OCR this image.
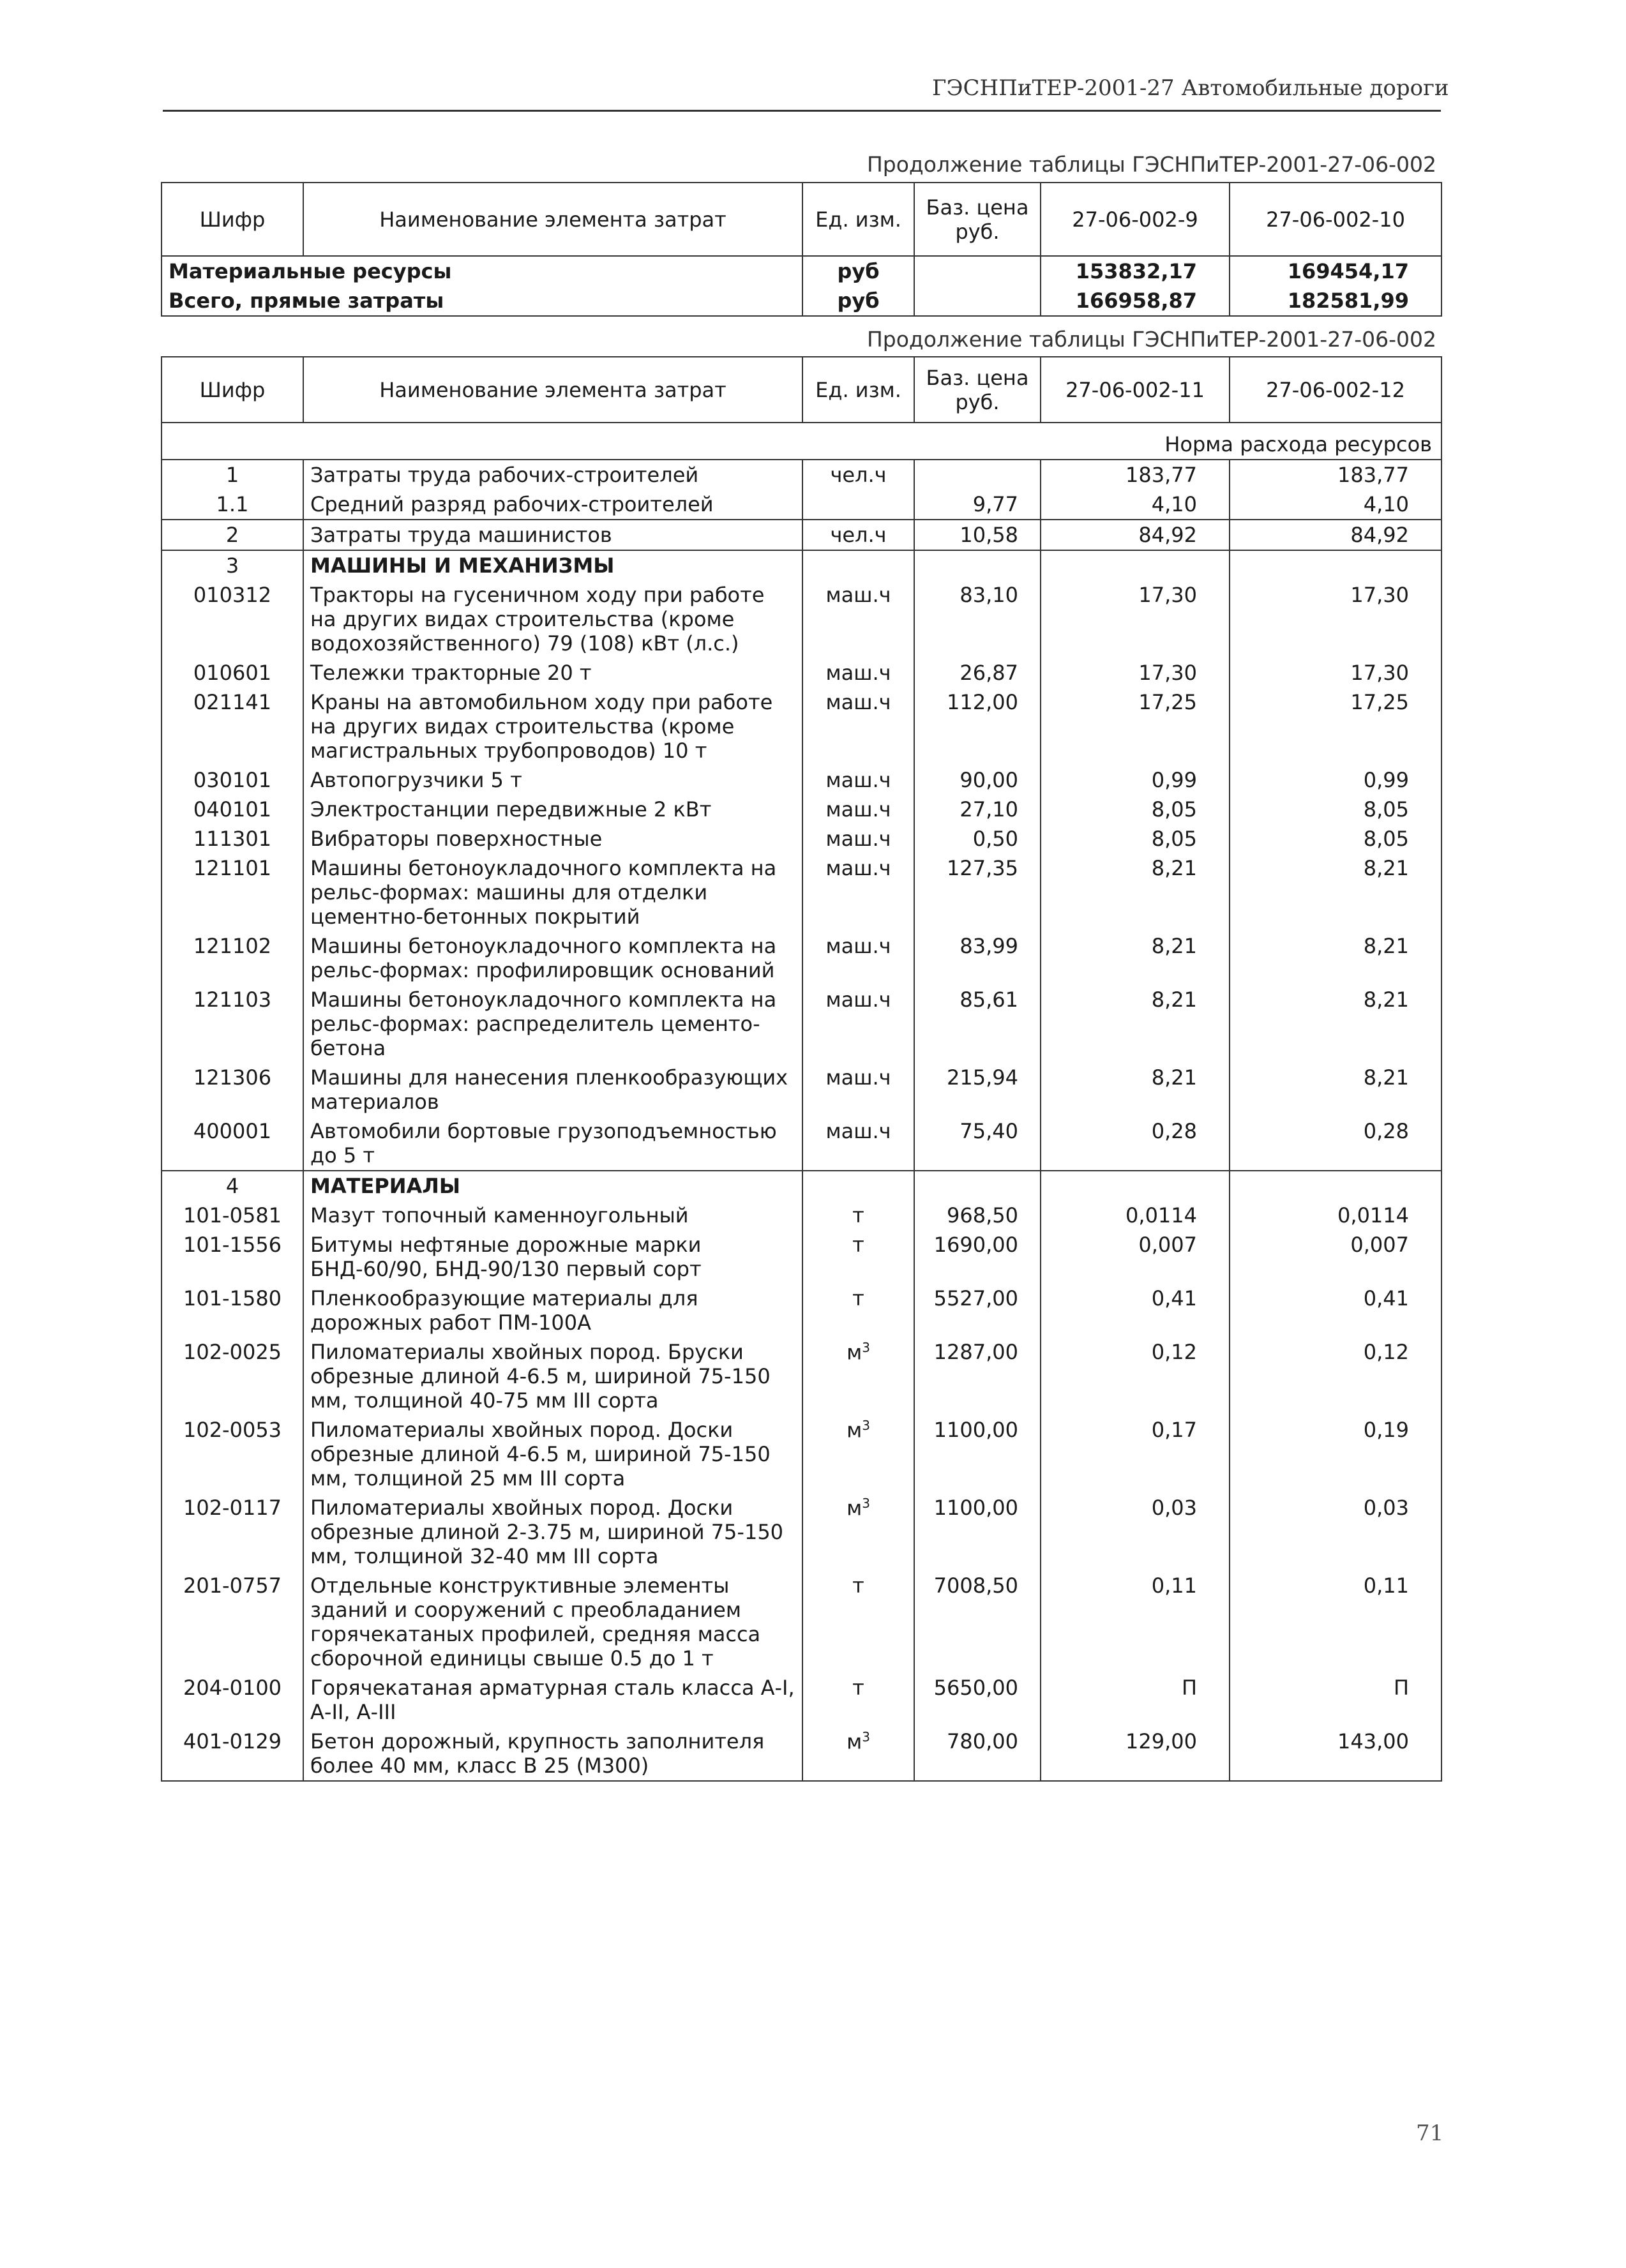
ГЭСНПиТЕР-2001-27 Автомобильные дороги
Продолжение таблицы ГЭСНПиТЕР-2001-27-06-002
Шифр	Наименование элемента затрат	Ед. изм.	Баз. цена руб.	27-06-002-9	27-06-002-10
Материальные ресурсы		руб		153832,17	169454,17
Всего, прямые затраты		руб		166958,87	182581,99
Продолжение таблицы ГЭСНПиТЕР-2001-27-06-002
Шифр	Наименование элемента затрат	Ед. изм.	Баз. цена руб.	27-06-002-11	27-06-002-12
Норма расхода ресурсов					
1	Затраты труда рабочих-строителей	чел.ч		183,77	183,77
1.1	Средний разряд рабочих-строителей		9,77	4,10	4,10
2	Затраты труда машинистов	чел.ч	10,58	84,92	84,92
3	МАШИНЫ И МЕХАНИЗМЫ				
010312	Тракторы на гусеничном ходу при работе на других видах строительства (кроме водохозяйственного) 79 (108) кВт (л.с.)	маш.ч	83,10	17,30	17,30
010601	Тележки тракторные 20 т	маш.ч	26,87	17,30	17,30
021141	Краны на автомобильном ходу при работе на других видах строительства (кроме магистральных трубопроводов) 10 т	маш.ч	112,00	17,25	17,25
030101	Автопогрузчики 5 т	маш.ч	90,00	0,99	0,99
040101	Электростанции передвижные 2 кВт	маш.ч	27,10	8,05	8,05
111301	Вибраторы поверхностные	маш.ч	0,50	8,05	8,05
121101	Машины бетоноукладочного комплекта на рельс-формах: машины для отделки цементно-бетонных покрытий	маш.ч	127,35	8,21	8,21
121102	Машины бетоноукладочного комплекта на рельс-формах: профилировщик оснований	маш.ч	83,99	8,21	8,21
121103	Машины бетоноукладочного комплекта на рельс-формах: распределитель цементо-бетона	маш.ч	85,61	8,21	8,21
121306	Машины для нанесения пленкообразующих материалов	маш.ч	215,94	8,21	8,21
400001	Автомобили бортовые грузоподъемностью до 5 т	маш.ч	75,40	0,28	0,28
4	МАТЕРИАЛЫ				
101-0581	Мазут топочный каменноугольный	т	968,50	0,0114	0,0114
101-1556	Битумы нефтяные дорожные марки БНД-60/90, БНД-90/130 первый сорт	т	1690,00	0,007	0,007
101-1580	Пленкообразующие материалы для дорожных работ ПМ-100А	т	5527,00	0,41	0,41
102-0025	Пиломатериалы хвойных пород. Бруски обрезные длиной 4-6.5 м, шириной 75-150 мм, толщиной 40-75 мм III сорта	$м^3$	1287,00	0,12	0,12
102-0053	Пиломатериалы хвойных пород. Доски обрезные длиной 4-6.5 м, шириной 75-150 мм, толщиной 25 мм III сорта	$м^3$	1100,00	0,17	0,19
102-0117	Пиломатериалы хвойных пород. Доски обрезные длиной 2-3.75 м, шириной 75-150 мм, толщиной 32-40 мм III сорта	$м^3$	1100,00	0,03	0,03
201-0757	Отдельные конструктивные элементы зданий и сооружений с преобладанием горячекатаных профилей, средняя масса сборочной единицы свыше 0.5 до 1 т	т	7008,50	0,11	0,11
204-0100	Горячекатаная арматурная сталь класса А-I, А-II, А-III	т	5650,00	П	П
401-0129	Бетон дорожный, крупность заполнителя более 40 мм, класс В 25 (М300)	$м^3$	780,00	129,00	143,00
71
